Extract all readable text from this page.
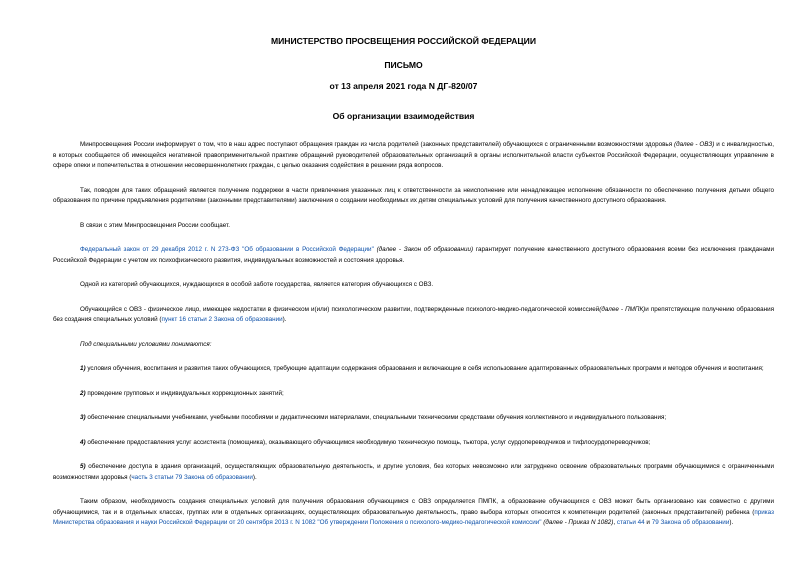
МИНИСТЕРСТВО ПРОСВЕЩЕНИЯ РОССИЙСКОЙ ФЕДЕРАЦИИ
ПИСЬМО
от 13 апреля 2021 года N ДГ-820/07
Об организации взаимодействия

Минпросвещения России информирует о том, что в наш адрес поступают обращения граждан из числа родителей (законных представителей) обучающихся с ограниченными возможностями здоровья (далее - ОВЗ) и с инвалидностью, в которых сообщается об имеющейся негативной правоприменительной практике обращений руководителей образовательных организаций в органы исполнительной власти субъектов Российской Федерации, осуществляющих управление в сфере опеки и попечительства в отношении несовершеннолетних граждан, с целью оказания содействия в решении ряда вопросов.

Так, поводом для таких обращений является получение поддержки в части привлечения указанных лиц к ответственности за неисполнение или ненадлежащее исполнение обязанности по обеспечению получения детьми общего образования по причине предъявления родителями (законными представителями) заключения о создании необходимых их детям специальных условий для получения качественного доступного образования.

В связи с этим Минпросвещения России сообщает.

Федеральный закон от 29 декабря 2012 г. N 273-ФЗ "Об образовании в Российской Федерации" (далее - Закон об образовании) гарантирует получение качественного доступного образования всеми без исключения гражданами Российской Федерации с учетом их психофизического развития, индивидуальных возможностей и состояния здоровья.

Одной из категорий обучающихся, нуждающихся в особой заботе государства, является категория обучающихся с ОВЗ.

Обучающийся с ОВЗ - физическое лицо, имеющее недостатки в физическом и(или) психологическом развитии, подтвержденные психолого-медико-педагогической комиссией(далее - ПМПК)и препятствующие получению образования без создания специальных условий (пункт 16 статьи 2 Закона об образовании).

Под специальными условиями понимаются:

1) условия обучения, воспитания и развития таких обучающихся, требующие адаптации содержания образования и включающие в себя использование адаптированных образовательных программ и методов обучения и воспитания;

2) проведение групповых и индивидуальных коррекционных занятий;

3) обеспечение специальными учебниками, учебными пособиями и дидактическими материалами, специальными техническими средствами обучения коллективного и индивидуального пользования;

4) обеспечение предоставления услуг ассистента (помощника), оказывающего обучающимся необходимую техническую помощь, тьютора, услуг сурдопереводчиков и тифлосурдопереводчиков;

5) обеспечение доступа в здания организаций, осуществляющих образовательную деятельность, и другие условия, без которых невозможно или затруднено освоение образовательных программ обучающимися с ограниченными возможностями здоровья (часть 3 статьи 79 Закона об образовании).

Таким образом, необходимость создания специальных условий для получения образования обучающимся с ОВЗ определяется ПМПК, а образование обучающихся с ОВЗ может быть организовано как совместно с другими обучающимися, так и в отдельных классах, группах или в отдельных организациях, осуществляющих образовательную деятельность, право выбора которых относится к компетенции родителей (законных представителей) ребенка (приказ Министерства образования и науки Российской Федерации от 20 сентября 2013 г. N 1082 "Об утверждении Положения о психолого-медико-педагогической комиссии" (далее - Приказ N 1082), статьи 44 и 79 Закона об образовании).
